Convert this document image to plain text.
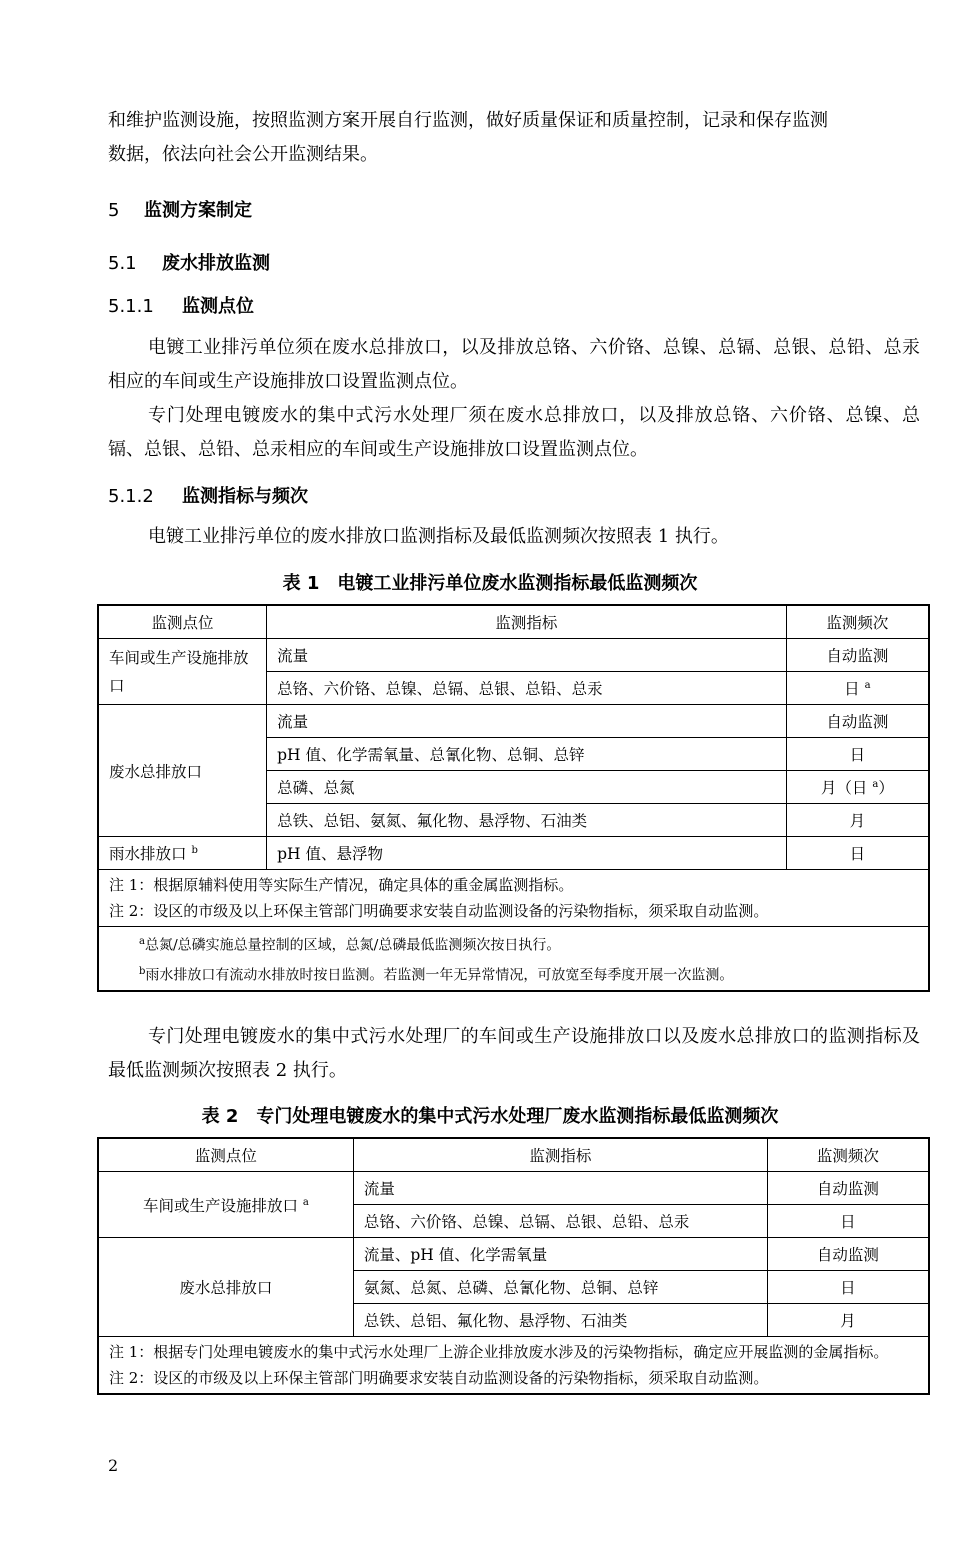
和维护监测设施，按照监测方案开展自行监测，做好质量保证和质量控制，记录和保存监测
数据，依法向社会公开监测结果。

5 监测方案制定
5.1 废水排放监测
5.1.1 监测点位

电镀工业排污单位须在废水总排放口，以及排放总铬、六价铬、总镍、总镉、总银、总铅、总汞相应的车间或生产设施排放口设置监测点位。

专门处理电镀废水的集中式污水处理厂须在废水总排放口，以及排放总铬、六价铬、总镍、总镉、总银、总铅、总汞相应的车间或生产设施排放口设置监测点位。

5.1.2 监测指标与频次

电镀工业排污单位的废水排放口监测指标及最低监测频次按照表 1 执行。

表 1　电镀工业排污单位废水监测指标最低监测频次
监测点位	监测指标	监测频次
车间或生产设施排放口	流量	自动监测
	总铬、六价铬、总镍、总镉、总银、总铅、总汞	日 $^a$
废水总排放口	流量	自动监测
	pH 值、化学需氧量、总氰化物、总铜、总锌	日
	总磷、总氮	月（日 $^a$）
	总铁、总铝、氨氮、氟化物、悬浮物、石油类	月
雨水排放口 $^b$	pH 值、悬浮物	日

注 1：根据原辅料使用等实际生产情况，确定具体的重金属监测指标。
注 2：设区的市级及以上环保主管部门明确要求安装自动监测设备的污染物指标，须采取自动监测。		

$^a$总氮/总磷实施总量控制的区域，总氮/总磷最低监测频次按日执行。
$^b$雨水排放口有流动水排放时按日监测。若监测一年无异常情况，可放宽至每季度开展一次监测。		

专门处理电镀废水的集中式污水处理厂的车间或生产设施排放口以及废水总排放口的监测指标及最低监测频次按照表 2 执行。

表 2　专门处理电镀废水的集中式污水处理厂废水监测指标最低监测频次
监测点位	监测指标	监测频次
车间或生产设施排放口 $^a$	流量	自动监测
	总铬、六价铬、总镍、总镉、总银、总铅、总汞	日
废水总排放口	流量、pH 值、化学需氧量	自动监测
	氨氮、总氮、总磷、总氰化物、总铜、总锌	日
	总铁、总铝、氟化物、悬浮物、石油类	月

注 1：根据专门处理电镀废水的集中式污水处理厂上游企业排放废水涉及的污染物指标，确定应开展监测的金属指标。
注 2：设区的市级及以上环保主管部门明确要求安装自动监测设备的污染物指标，须采取自动监测。		
2
